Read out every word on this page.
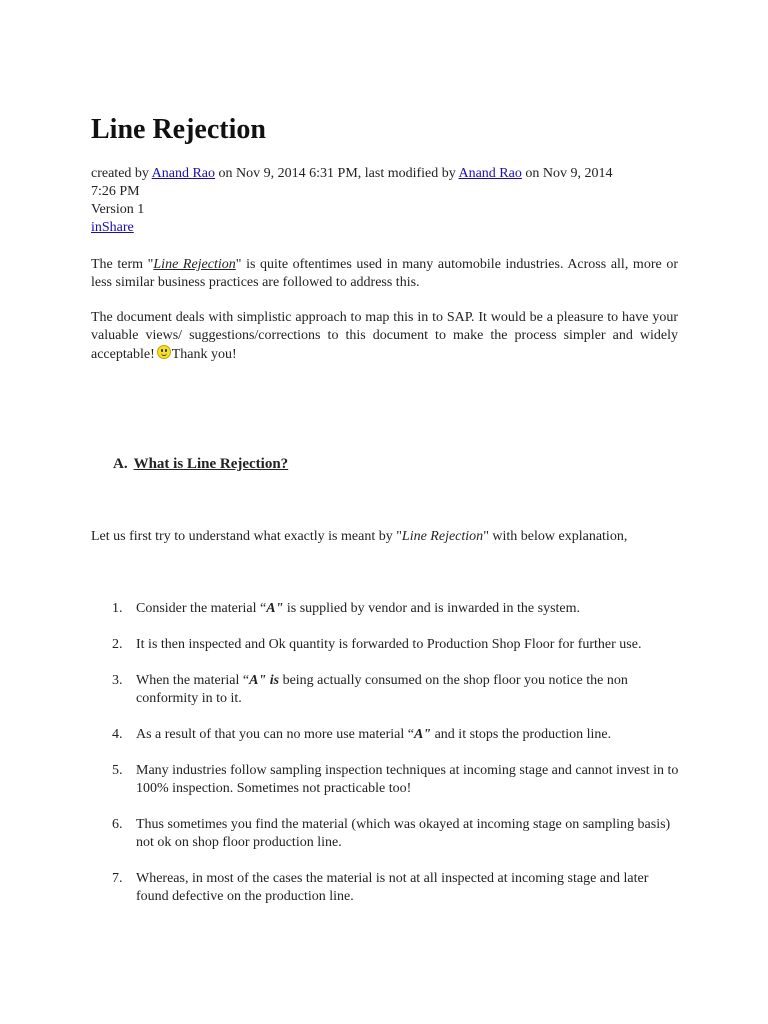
Line Rejection
created by Anand Rao on Nov 9, 2014 6:31 PM, last modified by Anand Rao on Nov 9, 2014
7:26 PM
Version 1
inShare

The term "Line Rejection" is quite oftentimes used in many automobile industries. Across all, more or less similar business practices are followed to address this.

The document deals with simplistic approach to map this in to SAP. It would be a pleasure to have your valuable views/ suggestions/corrections to this document to make the process simpler and widely acceptable! Thank you!

A. What is Line Rejection?

Let us first try to understand what exactly is meant by "Line Rejection" with below explanation,

1. Consider the material “A" is supplied by vendor and is inwarded in the system.
2. It is then inspected and Ok quantity is forwarded to Production Shop Floor for further use.
3. When the material “A" is being actually consumed on the shop floor you notice the non conformity in to it.
4. As a result of that you can no more use material “A" and it stops the production line.
5. Many industries follow sampling inspection techniques at incoming stage and cannot invest in to 100% inspection. Sometimes not practicable too!
6. Thus sometimes you find the material (which was okayed at incoming stage on sampling basis) not ok on shop floor production line.
7. Whereas, in most of the cases the material is not at all inspected at incoming stage and later found defective on the production line.
